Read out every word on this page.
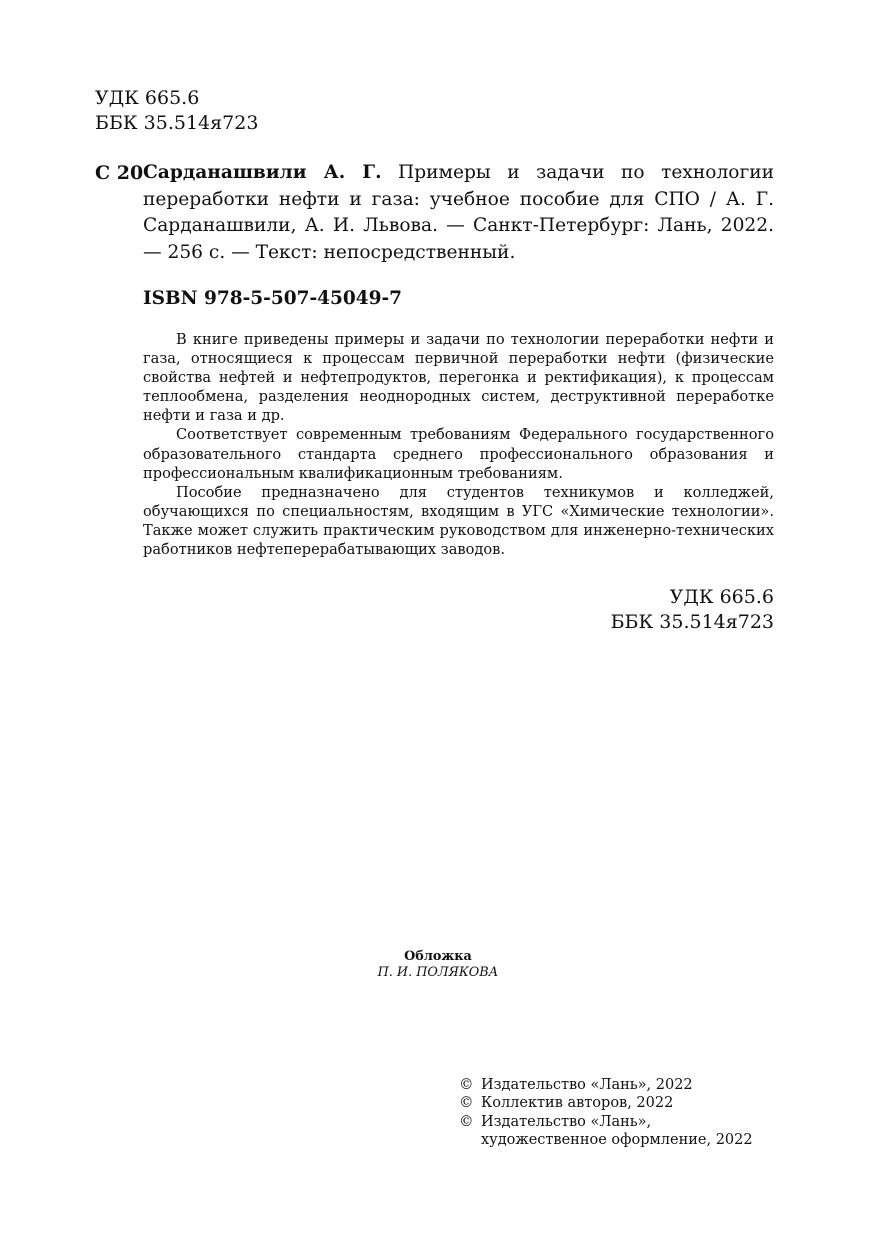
УДК 665.6
ББК 35.514я723
С 20 Сарданашвили А. Г. Примеры и задачи по технологии переработки нефти и газа: учебное пособие для СПО / А. Г. Сарданашвили, А. И. Львова. — Санкт-Петербург: Лань, 2022. — 256 с. — Текст: непосредственный.
ISBN 978-5-507-45049-7

В книге приведены примеры и задачи по технологии переработки нефти и газа, относящиеся к процессам первичной переработки нефти (физические свойства нефтей и нефтепродуктов, перегонка и ректификация), к процессам теплообмена, разделения неоднородных систем, деструктивной переработке нефти и газа и др.

Соответствует современным требованиям Федерального государственного образовательного стандарта среднего профессионального образования и профессиональным квалификационным требованиям.

Пособие предназначено для студентов техникумов и колледжей, обучающихся по специальностям, входящим в УГС «Химические технологии». Также может служить практическим руководством для инженерно-технических работников нефтеперерабатывающих заводов.

УДК 665.6
ББК 35.514я723
Обложка
П. И. ПОЛЯКОВА
© Издательство «Лань», 2022
© Коллектив авторов, 2022
© Издательство «Лань»,
художественное оформление, 2022
